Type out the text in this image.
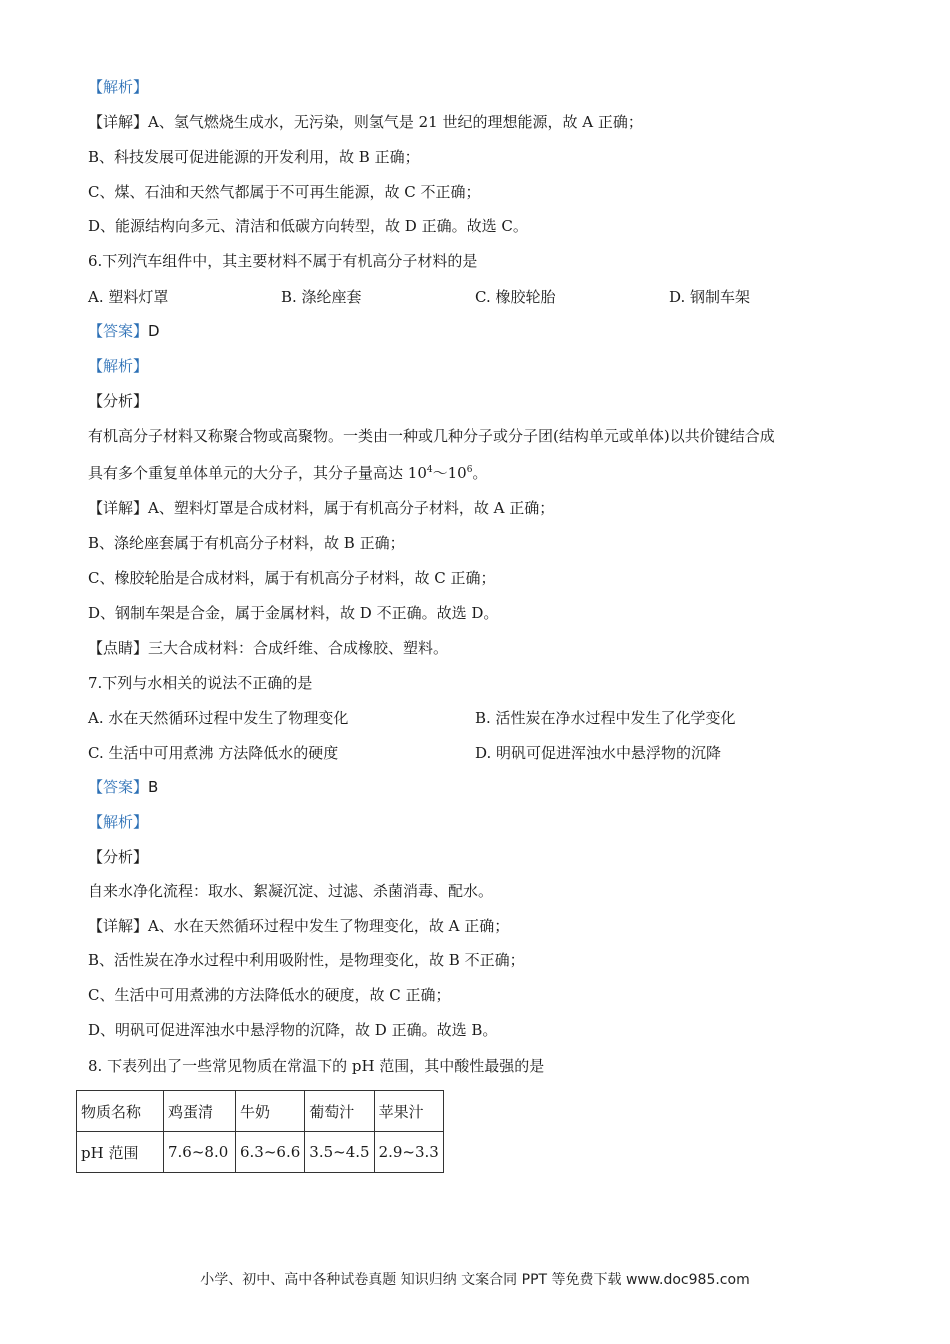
【解析】
【详解】A、氢气燃烧生成水，无污染，则氢气是 21 世纪的理想能源，故 A 正确；
B、科技发展可促进能源的开发利用，故 B 正确；
C、煤、石油和天然气都属于不可再生能源，故 C 不正确；
D、能源结构向多元、清洁和低碳方向转型，故 D 正确。故选 C。
6.下列汽车组件中，其主要材料不属于有机高分子材料的是
A. 塑料灯罩	B. 涤纶座套	C. 橡胶轮胎	D. 钢制车架
【答案】D
【解析】
【分析】
有机高分子材料又称聚合物或高聚物。一类由一种或几种分子或分子团(结构单元或单体)以共价键结合成
具有多个重复单体单元的大分子，其分子量高达 $10^4\sim 10^6$。
【详解】A、塑料灯罩是合成材料，属于有机高分子材料，故 A 正确；
B、涤纶座套属于有机高分子材料，故 B 正确；
C、橡胶轮胎是合成材料，属于有机高分子材料，故 C 正确；
D、钢制车架是合金，属于金属材料，故 D 不正确。故选 D。
【点睛】三大合成材料：合成纤维、合成橡胶、塑料。
7.下列与水相关的说法不正确的是
A. 水在天然循环过程中发生了物理变化	B. 活性炭在净水过程中发生了化学变化
C. 生活中可用煮沸 方法降低水的硬度	D. 明矾可促进浑浊水中悬浮物的沉降
【答案】B
【解析】
【分析】
自来水净化流程：取水、絮凝沉淀、过滤、杀菌消毒、配水。
【详解】A、水在天然循环过程中发生了物理变化，故 A 正确；
B、活性炭在净水过程中利用吸附性，是物理变化，故 B 不正确；
C、生活中可用煮沸的方法降低水的硬度，故 C 正确；
D、明矾可促进浑浊水中悬浮物的沉降，故 D 正确。故选 B。
8. 下表列出了一些常见物质在常温下的 pH 范围，其中酸性最强的是
物质名称	鸡蛋清	牛奶	葡萄汁	苹果汁
pH 范围	7.6~8.0	6.3~6.6	3.5~4.5	2.9~3.3
小学、初中、高中各种试卷真题 知识归纳 文案合同 PPT 等免费下载 www.doc985.com
